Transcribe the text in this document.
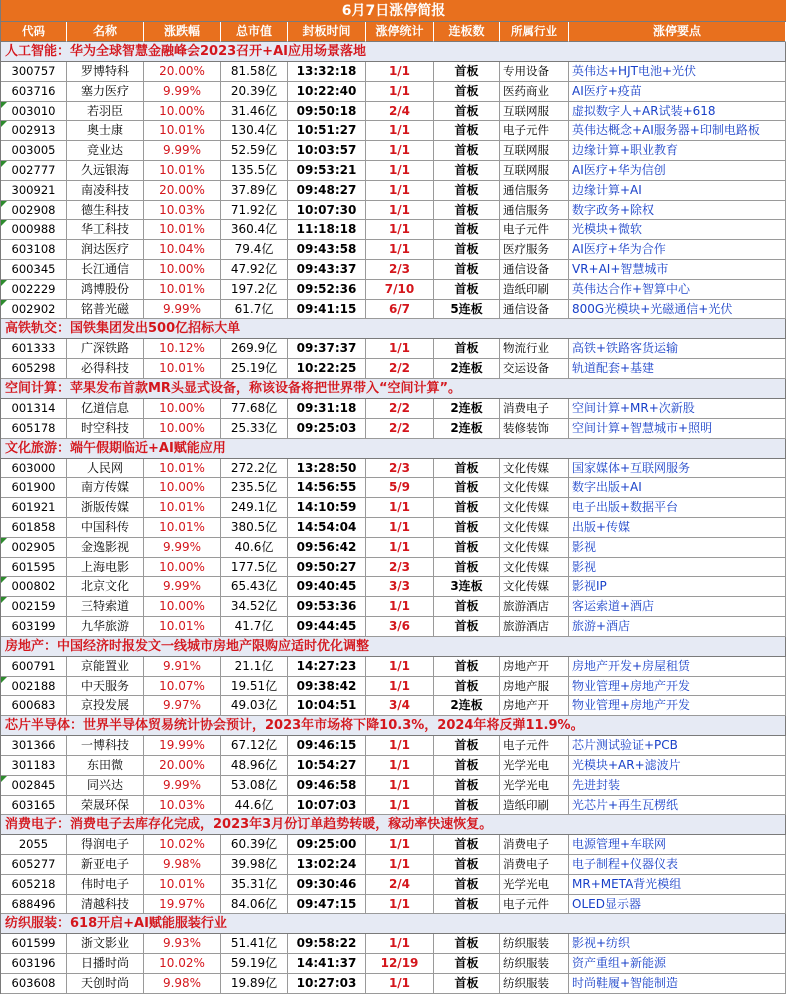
6月7日涨停简报
代码	名称	涨跌幅	总市值	封板时间	涨停统计	连板数	所属行业	涨停要点
人工智能：华为全球智慧金融峰会2023召开+AI应用场景落地
300757	罗博特科	20.00%	81.58亿	13:32:18	1/1	首板	专用设备	英伟达+HJT电池+光伏
603716	塞力医疗	9.99%	20.39亿	10:22:40	1/1	首板	医药商业	AI医疗+疫苗
003010	若羽臣	10.00%	31.46亿	09:50:18	2/4	首板	互联网服	虚拟数字人+AR试装+618
002913	奥士康	10.01%	130.4亿	10:51:27	1/1	首板	电子元件	英伟达概念+AI服务器+印制电路板
003005	竞业达	9.99%	52.59亿	10:03:57	1/1	首板	互联网服	边缘计算+职业教育
002777	久远银海	10.01%	135.5亿	09:53:21	1/1	首板	互联网服	AI医疗+华为信创
300921	南凌科技	20.00%	37.89亿	09:48:27	1/1	首板	通信服务	边缘计算+AI
002908	德生科技	10.03%	71.92亿	10:07:30	1/1	首板	通信服务	数字政务+除权
000988	华工科技	10.01%	360.4亿	11:18:18	1/1	首板	电子元件	光模块+微软
603108	润达医疗	10.04%	79.4亿	09:43:58	1/1	首板	医疗服务	AI医疗+华为合作
600345	长江通信	10.00%	47.92亿	09:43:37	2/3	首板	通信设备	VR+AI+智慧城市
002229	鸿博股份	10.01%	197.2亿	09:52:36	7/10	首板	造纸印刷	英伟达合作+智算中心
002902	铭普光磁	9.99%	61.7亿	09:41:15	6/7	5连板	通信设备	800G光模块+光磁通信+光伏
高铁轨交：国铁集团发出500亿招标大单
601333	广深铁路	10.12%	269.9亿	09:37:37	1/1	首板	物流行业	高铁+铁路客货运输
605298	必得科技	10.01%	25.19亿	10:22:25	2/2	2连板	交运设备	轨道配套+基建
空间计算：苹果发布首款MR头显式设备，称该设备将把世界带入“空间计算”。
001314	亿道信息	10.00%	77.68亿	09:31:18	2/2	2连板	消费电子	空间计算+MR+次新股
605178	时空科技	10.00%	25.33亿	09:25:03	2/2	2连板	装修装饰	空间计算+智慧城市+照明
文化旅游：端午假期临近+AI赋能应用
603000	人民网	10.01%	272.2亿	13:28:50	2/3	首板	文化传媒	国家媒体+互联网服务
601900	南方传媒	10.00%	235.5亿	14:56:55	5/9	首板	文化传媒	数字出版+AI
601921	浙版传媒	10.01%	249.1亿	14:10:59	1/1	首板	文化传媒	电子出版+数据平台
601858	中国科传	10.01%	380.5亿	14:54:04	1/1	首板	文化传媒	出版+传媒
002905	金逸影视	9.99%	40.6亿	09:56:42	1/1	首板	文化传媒	影视
601595	上海电影	10.00%	177.5亿	09:50:27	2/3	首板	文化传媒	影视
000802	北京文化	9.99%	65.43亿	09:40:45	3/3	3连板	文化传媒	影视IP
002159	三特索道	10.00%	34.52亿	09:53:36	1/1	首板	旅游酒店	客运索道+酒店
603199	九华旅游	10.01%	41.7亿	09:44:45	3/6	首板	旅游酒店	旅游+酒店
房地产：中国经济时报发文一线城市房地产限购应适时优化调整
600791	京能置业	9.91%	21.1亿	14:27:23	1/1	首板	房地产开	房地产开发+房屋租赁
002188	中天服务	10.07%	19.51亿	09:38:42	1/1	首板	房地产服	物业管理+房地产开发
600683	京投发展	9.97%	49.03亿	10:04:51	3/4	2连板	房地产开	物业管理+房地产开发
芯片半导体：世界半导体贸易统计协会预计，2023年市场将下降10.3%，2024年将反弹11.9%。
301366	一博科技	19.99%	67.12亿	09:46:15	1/1	首板	电子元件	芯片测试验证+PCB
301183	东田微	20.00%	48.96亿	10:54:27	1/1	首板	光学光电	光模块+AR+滤波片
002845	同兴达	9.99%	53.08亿	09:46:58	1/1	首板	光学光电	先进封装
603165	荣晟环保	10.03%	44.6亿	10:07:03	1/1	首板	造纸印刷	光芯片+再生瓦楞纸
消费电子：消费电子去库存化完成，2023年3月份订单趋势转暖，稼动率快速恢复。
2055	得润电子	10.02%	60.39亿	09:25:00	1/1	首板	消费电子	电源管理+车联网
605277	新亚电子	9.98%	39.98亿	13:02:24	1/1	首板	消费电子	电子制程+仪器仪表
605218	伟时电子	10.01%	35.31亿	09:30:46	2/4	首板	光学光电	MR+META背光模组
688496	清越科技	19.97%	84.06亿	09:47:15	1/1	首板	电子元件	OLED显示器
纺织服装：618开启+AI赋能服装行业
601599	浙文影业	9.93%	51.41亿	09:58:22	1/1	首板	纺织服装	影视+纺织
603196	日播时尚	10.02%	59.19亿	14:41:37	12/19	首板	纺织服装	资产重组+新能源
603608	天创时尚	9.98%	19.89亿	10:27:03	1/1	首板	纺织服装	时尚鞋履+智能制造
